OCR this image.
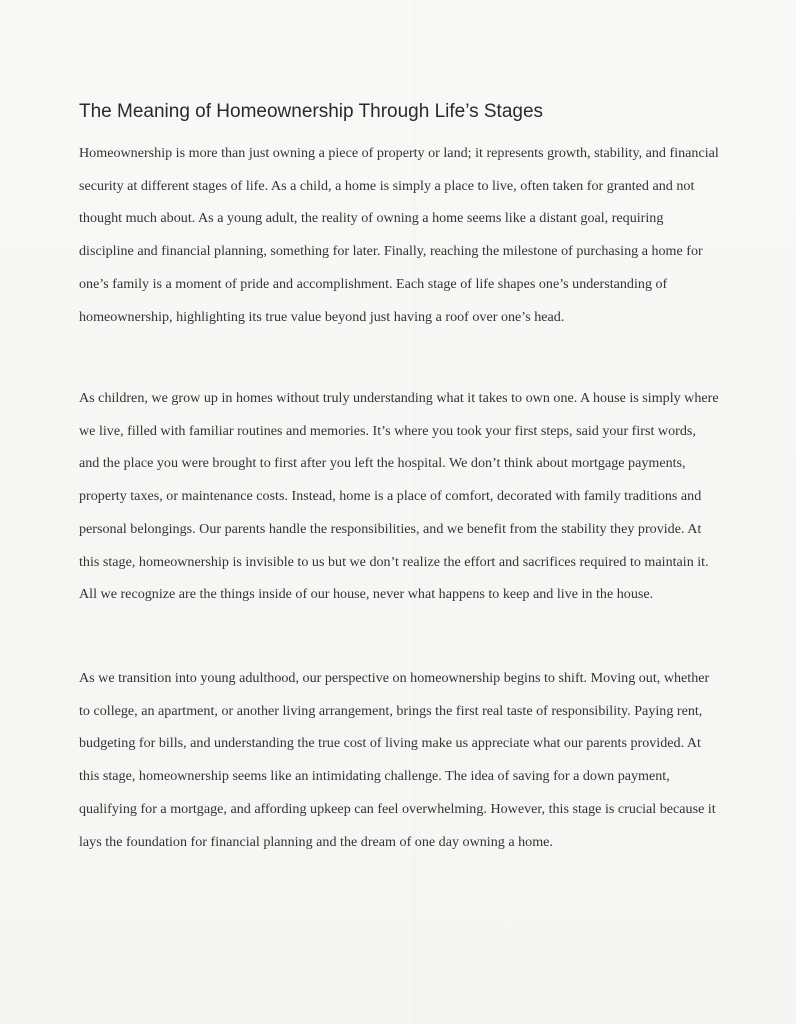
The Meaning of Homeownership Through Life’s Stages

Homeownership is more than just owning a piece of property or land; it represents growth, stability, and financial security at different stages of life. As a child, a home is simply a place to live, often taken for granted and not thought much about. As a young adult, the reality of owning a home seems like a distant goal, requiring discipline and financial planning, something for later. Finally, reaching the milestone of purchasing a home for one’s family is a moment of pride and accomplishment. Each stage of life shapes one’s understanding of homeownership, highlighting its true value beyond just having a roof over one’s head.

As children, we grow up in homes without truly understanding what it takes to own one. A house is simply where we live, filled with familiar routines and memories. It’s where you took your first steps, said your first words, and the place you were brought to first after you left the hospital. We don’t think about mortgage payments, property taxes, or maintenance costs. Instead, home is a place of comfort, decorated with family traditions and personal belongings. Our parents handle the responsibilities, and we benefit from the stability they provide. At this stage, homeownership is invisible to us but we don’t realize the effort and sacrifices required to maintain it. All we recognize are the things inside of our house, never what happens to keep and live in the house.

As we transition into young adulthood, our perspective on homeownership begins to shift. Moving out, whether to college, an apartment, or another living arrangement, brings the first real taste of responsibility. Paying rent, budgeting for bills, and understanding the true cost of living make us appreciate what our parents provided. At this stage, homeownership seems like an intimidating challenge. The idea of saving for a down payment, qualifying for a mortgage, and affording upkeep can feel overwhelming. However, this stage is crucial because it lays the foundation for financial planning and the dream of one day owning a home.
